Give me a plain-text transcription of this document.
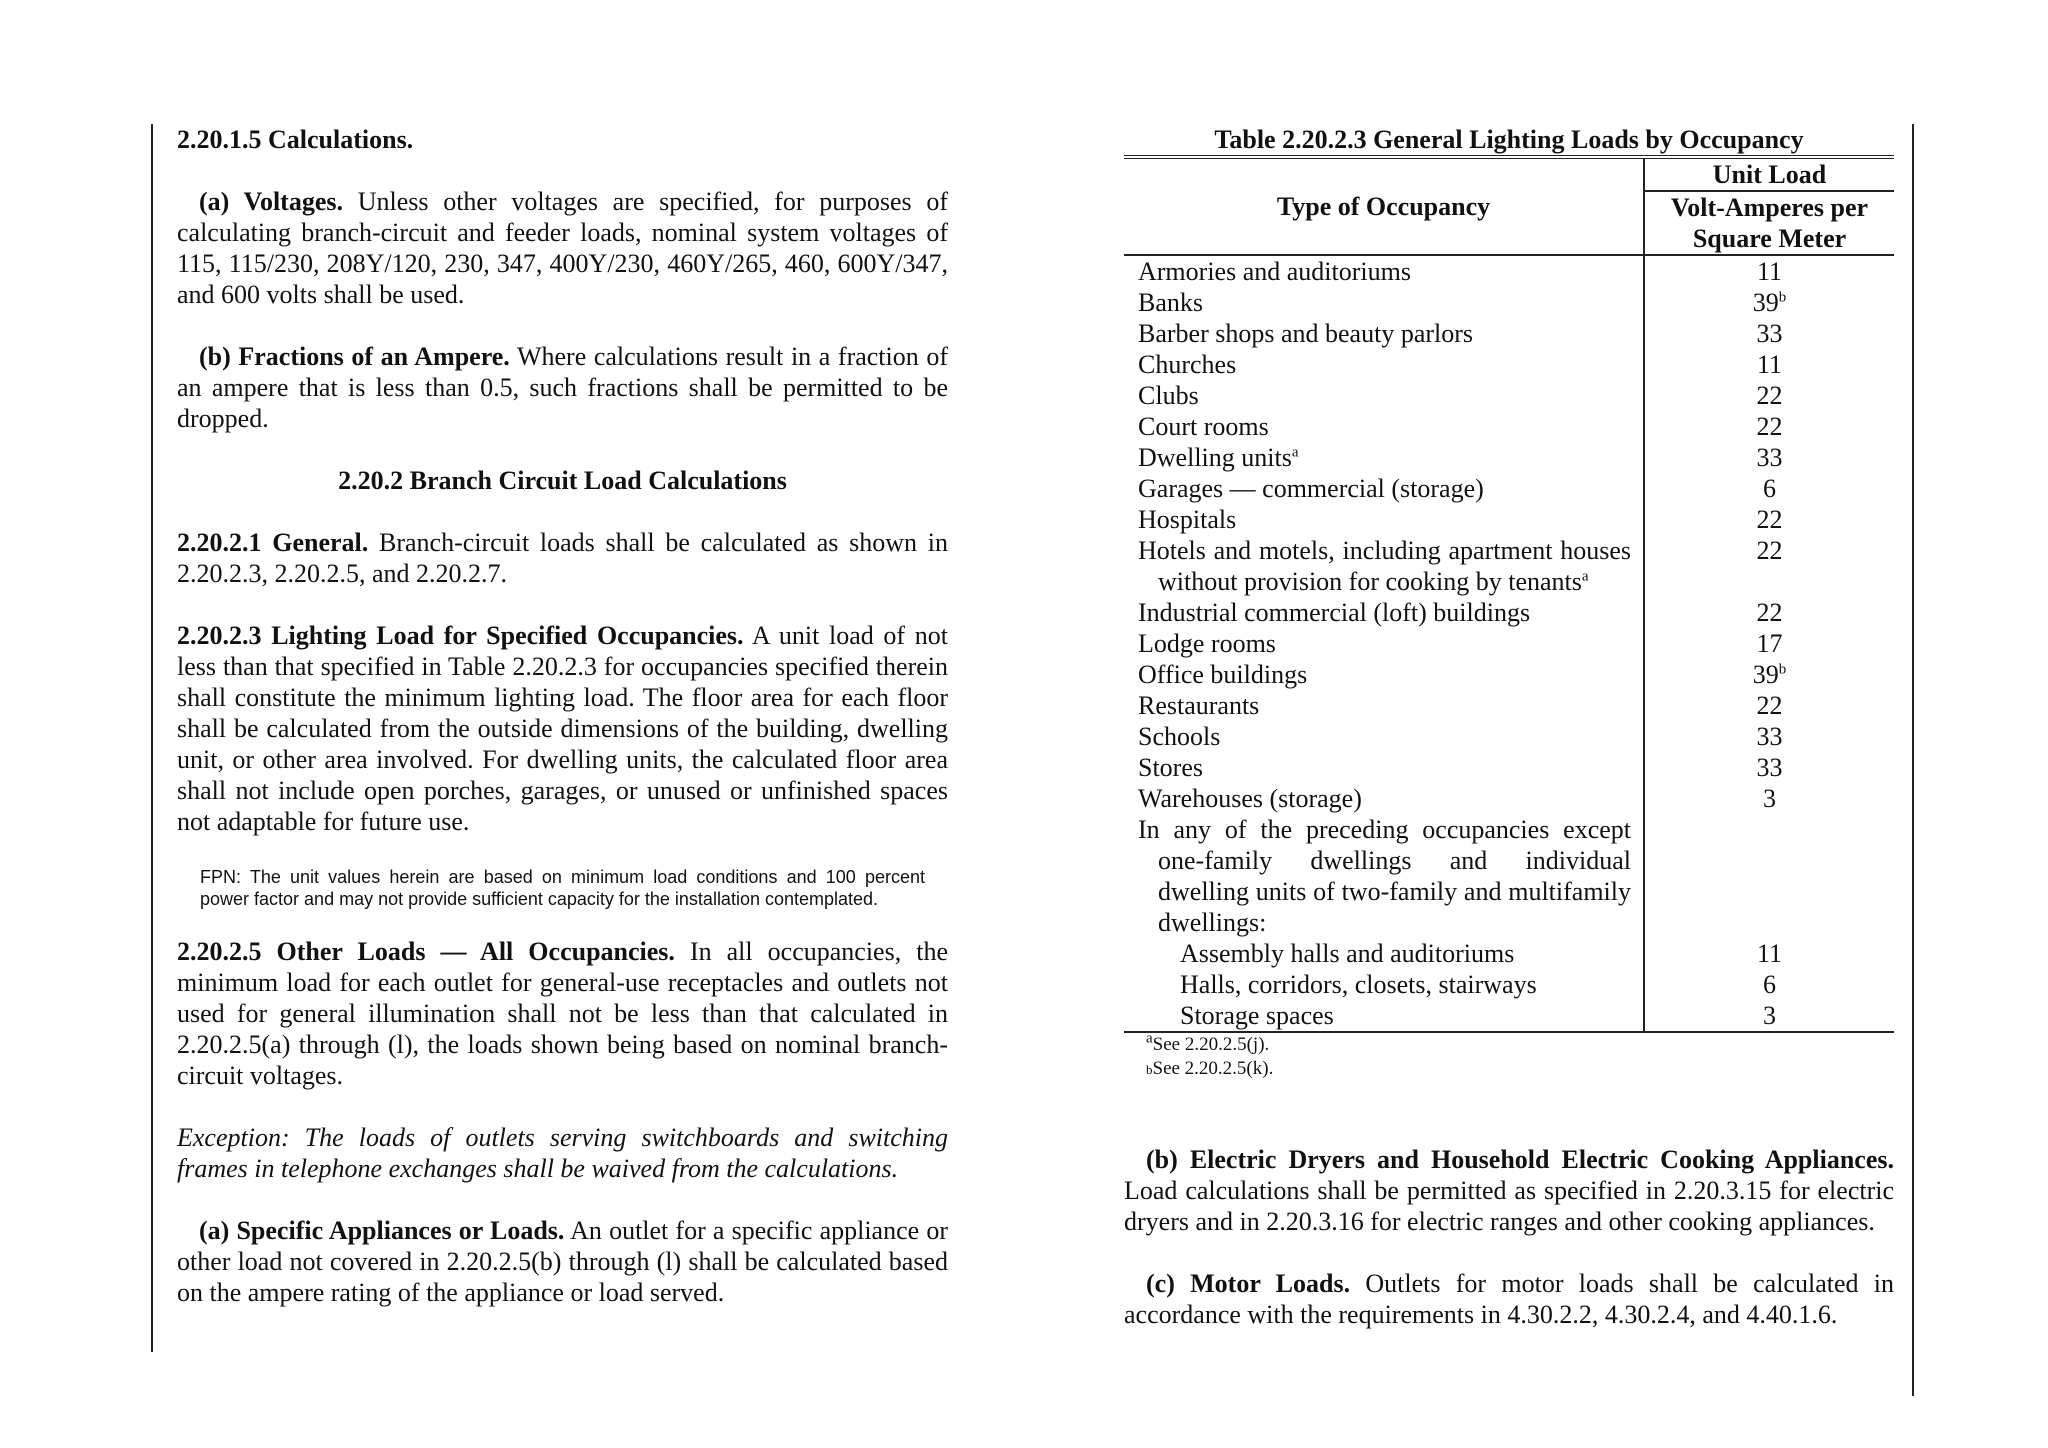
2.20.1.5 Calculations.

(a) Voltages. Unless other voltages are specified, for purposes of calculating branch-circuit and feeder loads, nominal system voltages of 115, 115/230, 208Y/120, 230, 347, 400Y/230, 460Y/265, 460, 600Y/347, and 600 volts shall be used.

(b) Fractions of an Ampere. Where calculations result in a fraction of an ampere that is less than 0.5, such fractions shall be permitted to be dropped.

2.20.2 Branch Circuit Load Calculations

2.20.2.1 General. Branch-circuit loads shall be calculated as shown in 2.20.2.3, 2.20.2.5, and 2.20.2.7.

2.20.2.3 Lighting Load for Specified Occupancies. A unit load of not less than that specified in Table 2.20.2.3 for occupancies specified therein shall constitute the minimum lighting load. The floor area for each floor shall be calculated from the outside dimensions of the building, dwelling unit, or other area involved. For dwelling units, the calculated floor area shall not include open porches, garages, or unused or unfinished spaces not adaptable for future use.

FPN: The unit values herein are based on minimum load conditions and 100 percent power factor and may not provide sufficient capacity for the installation contemplated.

2.20.2.5 Other Loads — All Occupancies. In all occupancies, the minimum load for each outlet for general-use receptacles and outlets not used for general illumination shall not be less than that calculated in 2.20.2.5(a) through (l), the loads shown being based on nominal branch-circuit voltages.

Exception: The loads of outlets serving switchboards and switching frames in telephone exchanges shall be waived from the calculations.

(a) Specific Appliances or Loads. An outlet for a specific appliance or other load not covered in 2.20.2.5(b) through (l) shall be calculated based on the ampere rating of the appliance or load served.

Table 2.20.2.3 General Lighting Loads by Occupancy
Type of Occupancy	Unit Load
	Volt-Amperes per Square Meter
Armories and auditoriums	11
Banks	39$^b$
Barber shops and beauty parlors	33
Churches	11
Clubs	22
Court rooms	22
Dwelling units$^a$	33
Garages — commercial (storage)	6
Hospitals	22
Hotels and motels, including apartment houses without provision for cooking by tenants$^a$	22
Industrial commercial (loft) buildings	22
Lodge rooms	17
Office buildings	39$^b$
Restaurants	22
Schools	33
Stores	33
Warehouses (storage)	3
In any of the preceding occupancies except one-family dwellings and individual dwelling units of two-family and multifamily dwellings:	
Assembly halls and auditoriums	11
Halls, corridors, closets, stairways	6
Storage spaces	3
$^a$See 2.20.2.5(j).
bSee 2.20.2.5(k).

(b) Electric Dryers and Household Electric Cooking Appliances. Load calculations shall be permitted as specified in 2.20.3.15 for electric dryers and in 2.20.3.16 for electric ranges and other cooking appliances.

(c) Motor Loads. Outlets for motor loads shall be calculated in accordance with the requirements in 4.30.2.2, 4.30.2.4, and 4.40.1.6.
